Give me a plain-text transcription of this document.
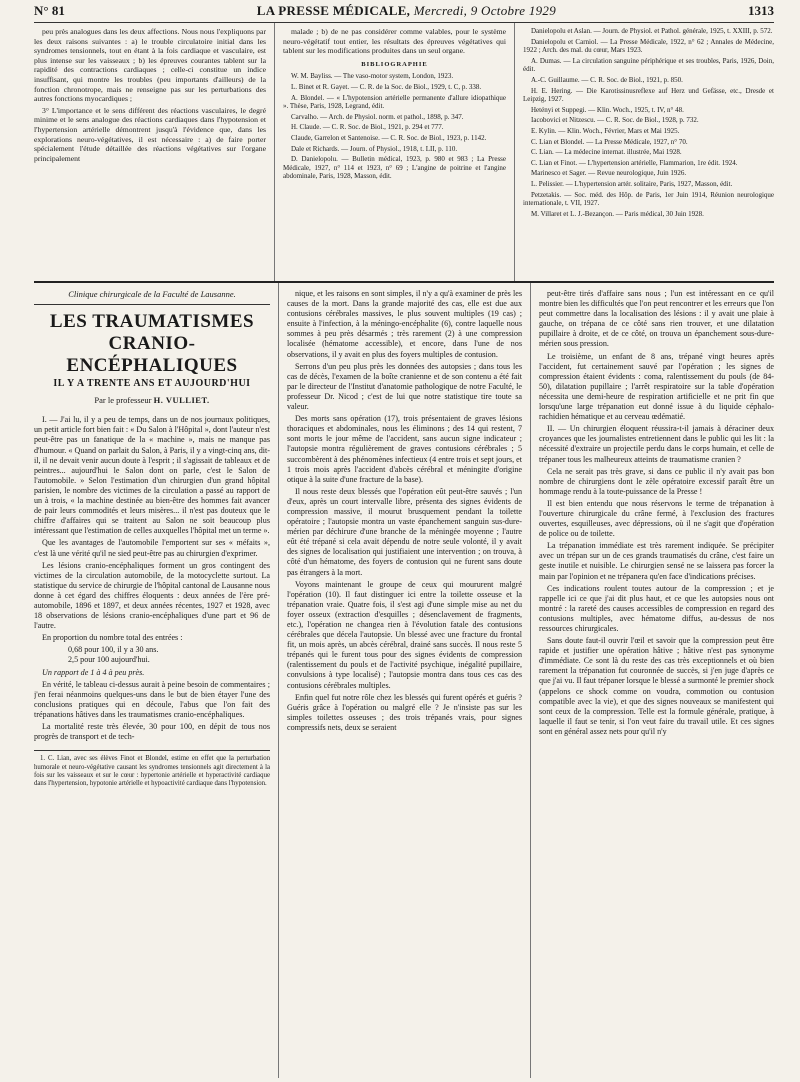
N° 81	LA PRESSE MÉDICALE, Mercredi, 9 Octobre 1929	1313

peu près analogues dans les deux affections. Nous nous l'expliquons par les deux raisons suivantes : a) le trouble circulatoire initial dans les syndromes tensionnels, tout en étant à la fois cardiaque et vasculaire, est plus intense sur les vaisseaux ; b) les épreuves courantes tablent sur la rapidité des contractions cardiaques ; celle-ci constitue un indice insuffisant, qui montre les troubles (peu importants d'ailleurs) de la fonction chronotrope, mais ne renseigne pas sur les perturbations des autres fonctions myocardiques ;

3° L'importance et le sens différent des réactions vasculaires, le degré minime et le sens analogue des réactions cardiaques dans l'hypotension et l'hypertension artérielle démontrent jusqu'à l'évidence que, dans les explorations neuro-végétatives, il est nécessaire : a) de faire porter spécialement l'étude détaillée des réactions végétatives sur l'organe principalement

malade ; b) de ne pas considérer comme valables, pour le système neuro-végétatif tout entier, les résultats des épreuves végétatives qui tablent sur les modifications produites dans un seul organe.

BIBLIOGRAPHIE

W. M. Bayliss. — The vaso-motor system, London, 1923.

L. Binet et R. Gayet. — C. R. de la Soc. de Biol., 1929, t. C, p. 338.

A. Blondel. — « L'hypotension artérielle permanente d'allure idiopathique ». Thèse, Paris, 1928, Legrand, édit.

Carvalho. — Arch. de Physiol. norm. et pathol., 1898, p. 347.

H. Claude. — C. R. Soc. de Biol., 1921, p. 294 et 777.

Claude, Garrelon et Santenoise. — C. R. Soc. de Biol., 1923, p. 1142.

Dale et Richards. — Journ. of Physiol., 1918, t. LII, p. 110.

D. Danielopolu. — Bulletin médical, 1923, p. 980 et 983 ; La Presse Médicale, 1927, n° 114 et 1923, n° 69 ; L'angine de poitrine et l'angine abdominale, Paris, 1928, Masson, édit.

Danielopolu et Aslan. — Journ. de Physiol. et Pathol. générale, 1925, t. XXIII, p. 572.

Danielopolu et Carniol. — La Presse Médicale, 1922, n° 62 ; Annales de Médecine, 1922 ; Arch. des mal. du cœur, Mars 1923.

A. Dumas. — La circulation sanguine périphérique et ses troubles, Paris, 1926, Doin, édit.

A.-C. Guillaume. — C. R. Soc. de Biol., 1921, p. 850.

H. E. Hering. — Die Karotissinusreflexe auf Herz und Gefässe, etc., Dresde et Leipzig, 1927.

Hetényi et Suppegi. — Klin. Woch., 1925, t. IV, n° 48.

Iacobovici et Nitzescu. — C. R. Soc. de Biol., 1928, p. 732.

E. Kylin. — Klin. Woch., Février, Mars et Mai 1925.

C. Lian et Blondel. — La Presse Médicale, 1927, n° 70.

C. Lian. — La médecine internat. illustrée, Mai 1928.

C. Lian et Finot. — L'hypertension artérielle, Flammarion, 1re édit. 1924.

Marinesco et Sager. — Revue neurologique, Juin 1926.

L. Pelissier. — L'hypertension artér. solitaire, Paris, 1927, Masson, édit.

Petzetakis. — Soc. méd. des Hôp. de Paris, 1er Juin 1914, Réunion neurologique internationale, t. VII, 1927.

M. Villaret et L. J.-Bezançon. — Paris médical, 30 Juin 1928.

Clinique chirurgicale de la Faculté de Lausanne.
LES TRAUMATISMES
CRANIO-ENCÉPHALIQUES
IL Y A TRENTE ANS ET AUJOURD'HUI
Par le professeur H. VULLIET.

I. — J'ai lu, il y a peu de temps, dans un de nos journaux politiques, un petit article fort bien fait : « Du Salon à l'Hôpital », dont l'auteur n'est peut-être pas un fanatique de la « machine », mais ne manque pas d'humour. « Quand on parlait du Salon, à Paris, il y a vingt-cinq ans, dit-il, il ne devait venir aucun doute à l'esprit ; il s'agissait de tableaux et de peintres... aujourd'hui le Salon dont on parle, c'est le Salon de l'automobile. » Selon l'estimation d'un chirurgien d'un grand hôpital parisien, le nombre des victimes de la circulation a passé au rapport de un à trois, « la machine destinée au bien-être des hommes fait avancer de pair leurs commodités et leurs misères... il n'est pas douteux que le chiffre d'affaires qui se traitent au Salon ne soit beaucoup plus intéressant que l'estimation de celles auxquelles l'hôpital met un terme ».

Que les avantages de l'automobile l'emportent sur ses « méfaits », c'est là une vérité qu'il ne sied peut-être pas au chirurgien d'exprimer.

Les lésions cranio-encéphaliques forment un gros contingent des victimes de la circulation automobile, de la motocyclette surtout. La statistique du service de chirurgie de l'hôpital cantonal de Lausanne nous donne à cet égard des chiffres éloquents : deux années de l'ère pré-automobile, 1896 et 1897, et deux années récentes, 1927 et 1928, avec 18 observations de lésions cranio-encéphaliques d'une part et 96 de l'autre.

En proportion du nombre total des entrées :

0,68 pour 100, il y a 30 ans.
2,5 pour 100 aujourd'hui.

Un rapport de 1 à 4 à peu près.

En vérité, le tableau ci-dessus aurait à peine besoin de commentaires ; j'en ferai néanmoins quelques-uns dans le but de bien étayer l'une des conclusions pratiques qui en découle, l'abus que l'on fait des trépanations hâtives dans les traumatismes cranio-encéphaliques.

La mortalité reste très élevée, 30 pour 100, en dépit de tous nos progrès de transport et de tech-

1. C. Lian, avec ses élèves Finot et Blondel, estime en effet que la perturbation humorale et neuro-végétative causant les syndromes tensionnels agit directement à la fois sur les vaisseaux et sur le cœur : hypertonie artérielle et hyperactivité cardiaque dans l'hypertension, hypotonie artérielle et hypoactivité cardiaque dans l'hypotension.

nique, et les raisons en sont simples, il n'y a qu'à examiner de près les causes de la mort. Dans la grande majorité des cas, elle est due aux contusions cérébrales massives, le plus souvent multiples (19 cas) ; ensuite à l'infection, à la méningo-encéphalite (6), contre laquelle nous sommes à peu près désarmés ; très rarement (2) à une compression localisée (hématome accessible), et encore, dans l'une de nos observations, il y avait en plus des foyers multiples de contusion.

Serrons d'un peu plus près les données des autopsies ; dans tous les cas de décès, l'examen de la boîte cranienne et de son contenu a été fait par le directeur de l'Institut d'anatomie pathologique de notre Faculté, le professeur Dr. Nicod ; c'est de lui que notre statistique tire toute sa valeur.

Des morts sans opération (17), trois présentaient de graves lésions thoraciques et abdominales, nous les éliminons ; des 14 qui restent, 7 sont morts le jour même de l'accident, sans aucun signe indicateur ; l'autopsie montra régulièrement de graves contusions cérébrales ; 5 succombèrent à des phénomènes infectieux (4 entre trois et sept jours, et 1 trois mois après l'accident d'abcès cérébral et méningite d'origine otique à la suite d'une fracture de la base).

Il nous reste deux blessés que l'opération eût peut-être sauvés ; l'un d'eux, après un court intervalle libre, présenta des signes évidents de compression massive, il mourut brusquement pendant la toilette opératoire ; l'autopsie montra un vaste épanchement sanguin sus-dure-mérien par déchirure d'une branche de la méningée moyenne ; l'autre eût été trépané si cela avait dépendu de notre seule volonté, il y avait des signes de localisation qui justifiaient une intervention ; on trouva, à côté d'un hématome, des foyers de contusion qui ne furent sans doute pas étrangers à la mort.

Voyons maintenant le groupe de ceux qui moururent malgré l'opération (10). Il faut distinguer ici entre la toilette osseuse et la trépanation vraie. Quatre fois, il s'est agi d'une simple mise au net du foyer osseux (extraction d'esquilles ; désenclavement de fragments, etc.), l'opération ne changea rien à l'évolution fatale des contusions cérébrales que décela l'autopsie. Un blessé avec une fracture du frontal fit, un mois après, un abcès cérébral, drainé sans succès. Il nous reste 5 trépanés qui le furent tous pour des signes évidents de compression (ralentissement du pouls et de l'activité psychique, inégalité pupillaire, convulsions à type localisé) ; l'autopsie montra dans tous ces cas des contusions cérébrales multiples.

Enfin quel fut notre rôle chez les blessés qui furent opérés et guéris ? Guéris grâce à l'opération ou malgré elle ? Je n'insiste pas sur les simples toilettes osseuses ; des trois trépanés vrais, pour signes compressifs nets, deux se seraient

peut-être tirés d'affaire sans nous ; l'un est intéressant en ce qu'il montre bien les difficultés que l'on peut rencontrer et les erreurs que l'on peut commettre dans la localisation des lésions : il y avait une plaie à gauche, on trépana de ce côté sans rien trouver, et une dilatation pupillaire à droite, et de ce côté, on trouva un épanchement sous-dure-mérien sous pression.

Le troisième, un enfant de 8 ans, trépané vingt heures après l'accident, fut certainement sauvé par l'opération ; les signes de compression étaient évidents : coma, ralentissement du pouls (de 84-50), dilatation pupillaire ; l'arrêt respiratoire sur la table d'opération nécessita une demi-heure de respiration artificielle et ne prit fin que lorsqu'une large trépanation eut donné issue à du liquide céphalo-rachidien hématique et au cerveau œdématié.

II. — Un chirurgien éloquent réussira-t-il jamais à déraciner deux croyances que les journalistes entretiennent dans le public qui les lit : la nécessité d'extraire un projectile perdu dans le corps humain, et celle de trépaner tous les malheureux atteints de traumatisme cranien ?

Cela ne serait pas très grave, si dans ce public il n'y avait pas bon nombre de chirurgiens dont le zèle opératoire excessif paraît être un hommage rendu à la toute-puissance de la Presse !

Il est bien entendu que nous réservons le terme de trépanation à l'ouverture chirurgicale du crâne fermé, à l'exclusion des fractures ouvertes, esquilleuses, avec dépressions, où il ne s'agit que d'opération de police ou de toilette.

La trépanation immédiate est très rarement indiquée. Se précipiter avec un trépan sur un de ces grands traumatisés du crâne, c'est faire un geste inutile et nuisible. Le chirurgien sensé ne se laissera pas forcer la main par l'opinion et ne trépanera qu'en face d'indications précises.

Ces indications roulent toutes autour de la compression ; et je rappelle ici ce que j'ai dit plus haut, et ce que les autopsies nous ont montré : la rareté des causes accessibles de compression en regard des contusions multiples, avec hématome diffus, au-dessus de nos ressources chirurgicales.

Sans doute faut-il ouvrir l'œil et savoir que la compression peut être rapide et justifier une opération hâtive ; hâtive n'est pas synonyme d'immédiate. Ce sont là du reste des cas très exceptionnels et où bien rarement la trépanation fut couronnée de succès, si j'en juge d'après ce que j'ai vu. Il faut trépaner lorsque le blessé a surmonté le premier shock (appelons ce shock comme on voudra, commotion ou contusion compatible avec la vie), et que des signes nouveaux se manifestent qui sont ceux de la compression. Telle est la formule générale, pratique, à laquelle il faut se tenir, si l'on veut faire du travail utile. Et ces signes sont en général assez nets pour qu'il n'y
